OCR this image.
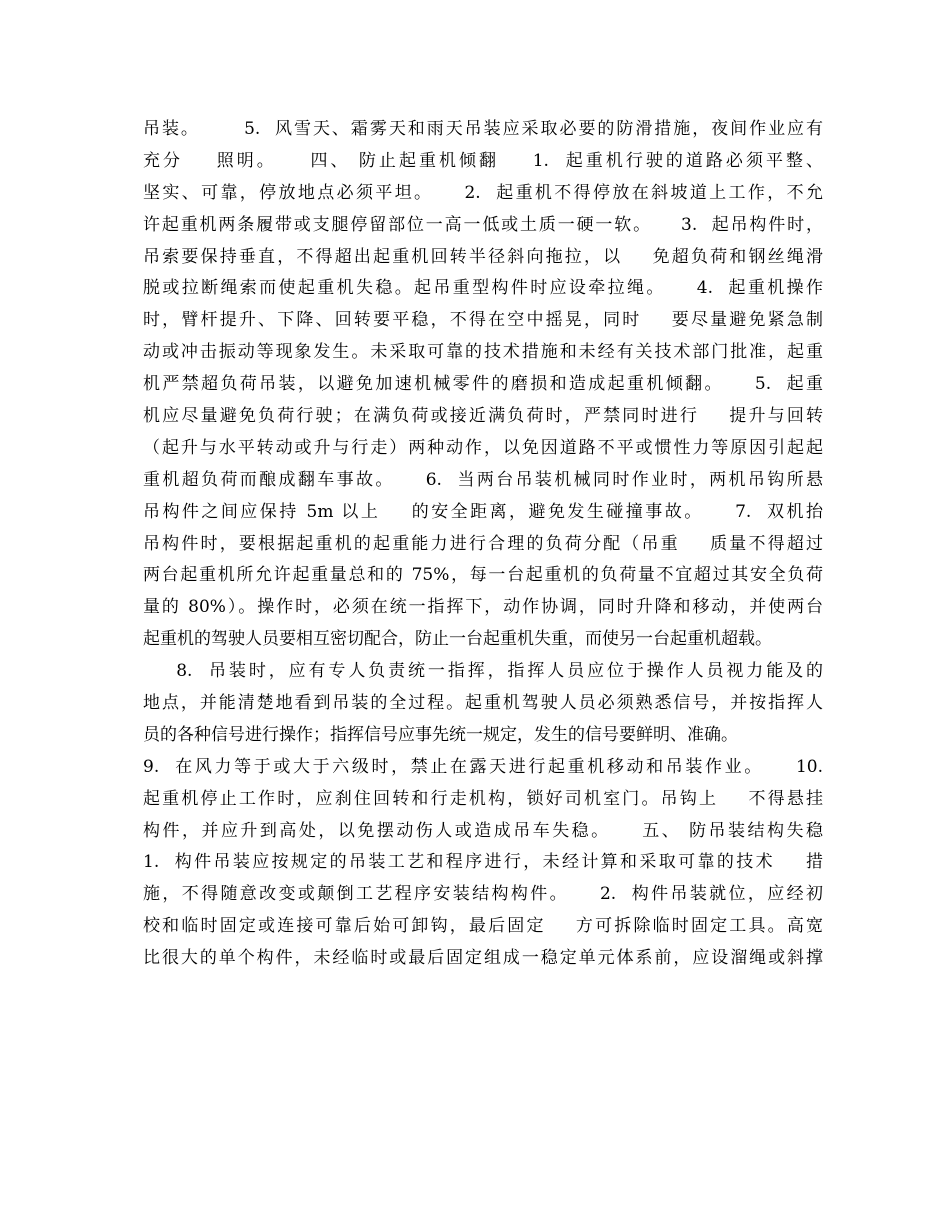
吊装。      5.  风雪天、霜雾天和雨天吊装应采取必要的防滑措施，夜间作业应有
充分    照明。    四、 防止起重机倾翻    1.  起重机行驶的道路必须平整、
坚实、可靠，停放地点必须平坦。    2.  起重机不得停放在斜坡道上工作，不允
许起重机两条履带或支腿停留部位一高一低或土质一硬一软。    3.  起吊构件时，
吊索要保持垂直，不得超出起重机回转半径斜向拖拉，以    免超负荷和钢丝绳滑
脱或拉断绳索而使起重机失稳。起吊重型构件时应设牵拉绳。    4.  起重机操作
时，臂杆提升、下降、回转要平稳，不得在空中摇晃，同时    要尽量避免紧急制
动或冲击振动等现象发生。未采取可靠的技术措施和未经有关技术部门批准，起重
机严禁超负荷吊装，以避免加速机械零件的磨损和造成起重机倾翻。    5.  起重
机应尽量避免负荷行驶；在满负荷或接近满负荷时，严禁同时进行    提升与回转
（起升与水平转动或升与行走）两种动作，以免因道路不平或惯性力等原因引起起
重机超负荷而酿成翻车事故。    6.  当两台吊装机械同时作业时，两机吊钩所悬
吊构件之间应保持 5m 以上    的安全距离，避免发生碰撞事故。    7.  双机抬
吊构件时，要根据起重机的起重能力进行合理的负荷分配（吊重    质量不得超过
两台起重机所允许起重量总和的 75%，每一台起重机的负荷量不宜超过其安全负荷
量的 80%）。操作时，必须在统一指挥下，动作协调，同时升降和移动，并使两台
起重机的驾驶人员要相互密切配合，防止一台起重机失重，而使另一台起重机超载。
8.  吊装时，应有专人负责统一指挥，指挥人员应位于操作人员视力能及的
地点，并能清楚地看到吊装的全过程。起重机驾驶人员必须熟悉信号，并按指挥人
员的各种信号进行操作；指挥信号应事先统一规定，发生的信号要鲜明、准确。
9.  在风力等于或大于六级时，禁止在露天进行起重机移动和吊装作业。    10.
起重机停止工作时，应刹住回转和行走机构，锁好司机室门。吊钩上    不得悬挂
构件，并应升到高处，以免摆动伤人或造成吊车失稳。    五、 防吊装结构失稳
1.  构件吊装应按规定的吊装工艺和程序进行，未经计算和采取可靠的技术    措
施，不得随意改变或颠倒工艺程序安装结构构件。    2.  构件吊装就位，应经初
校和临时固定或连接可靠后始可卸钩，最后固定    方可拆除临时固定工具。高宽
比很大的单个构件，未经临时或最后固定组成一稳定单元体系前，应设溜绳或斜撑
